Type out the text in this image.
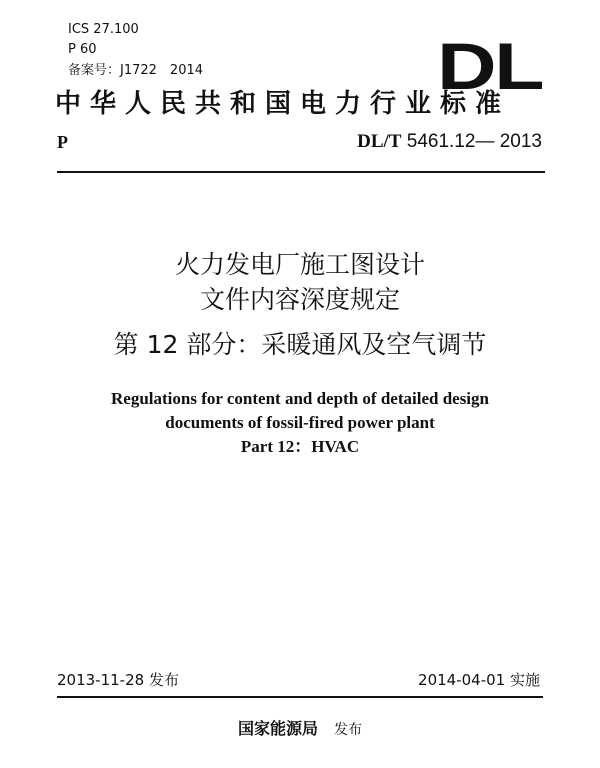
ICS 27.100
P 60
备案号：J1722　2014	DL
中华人民共和国电力行业标准
P	DL/T 5461.12— 2013
火力发电厂施工图设计
文件内容深度规定
第 12 部分：采暖通风及空气调节
Regulations for content and depth of detailed design
documents of fossil-fired power plant
Part 12：HVAC
2013-11-28 发布	2014-04-01 实施
国家能源局 发布
